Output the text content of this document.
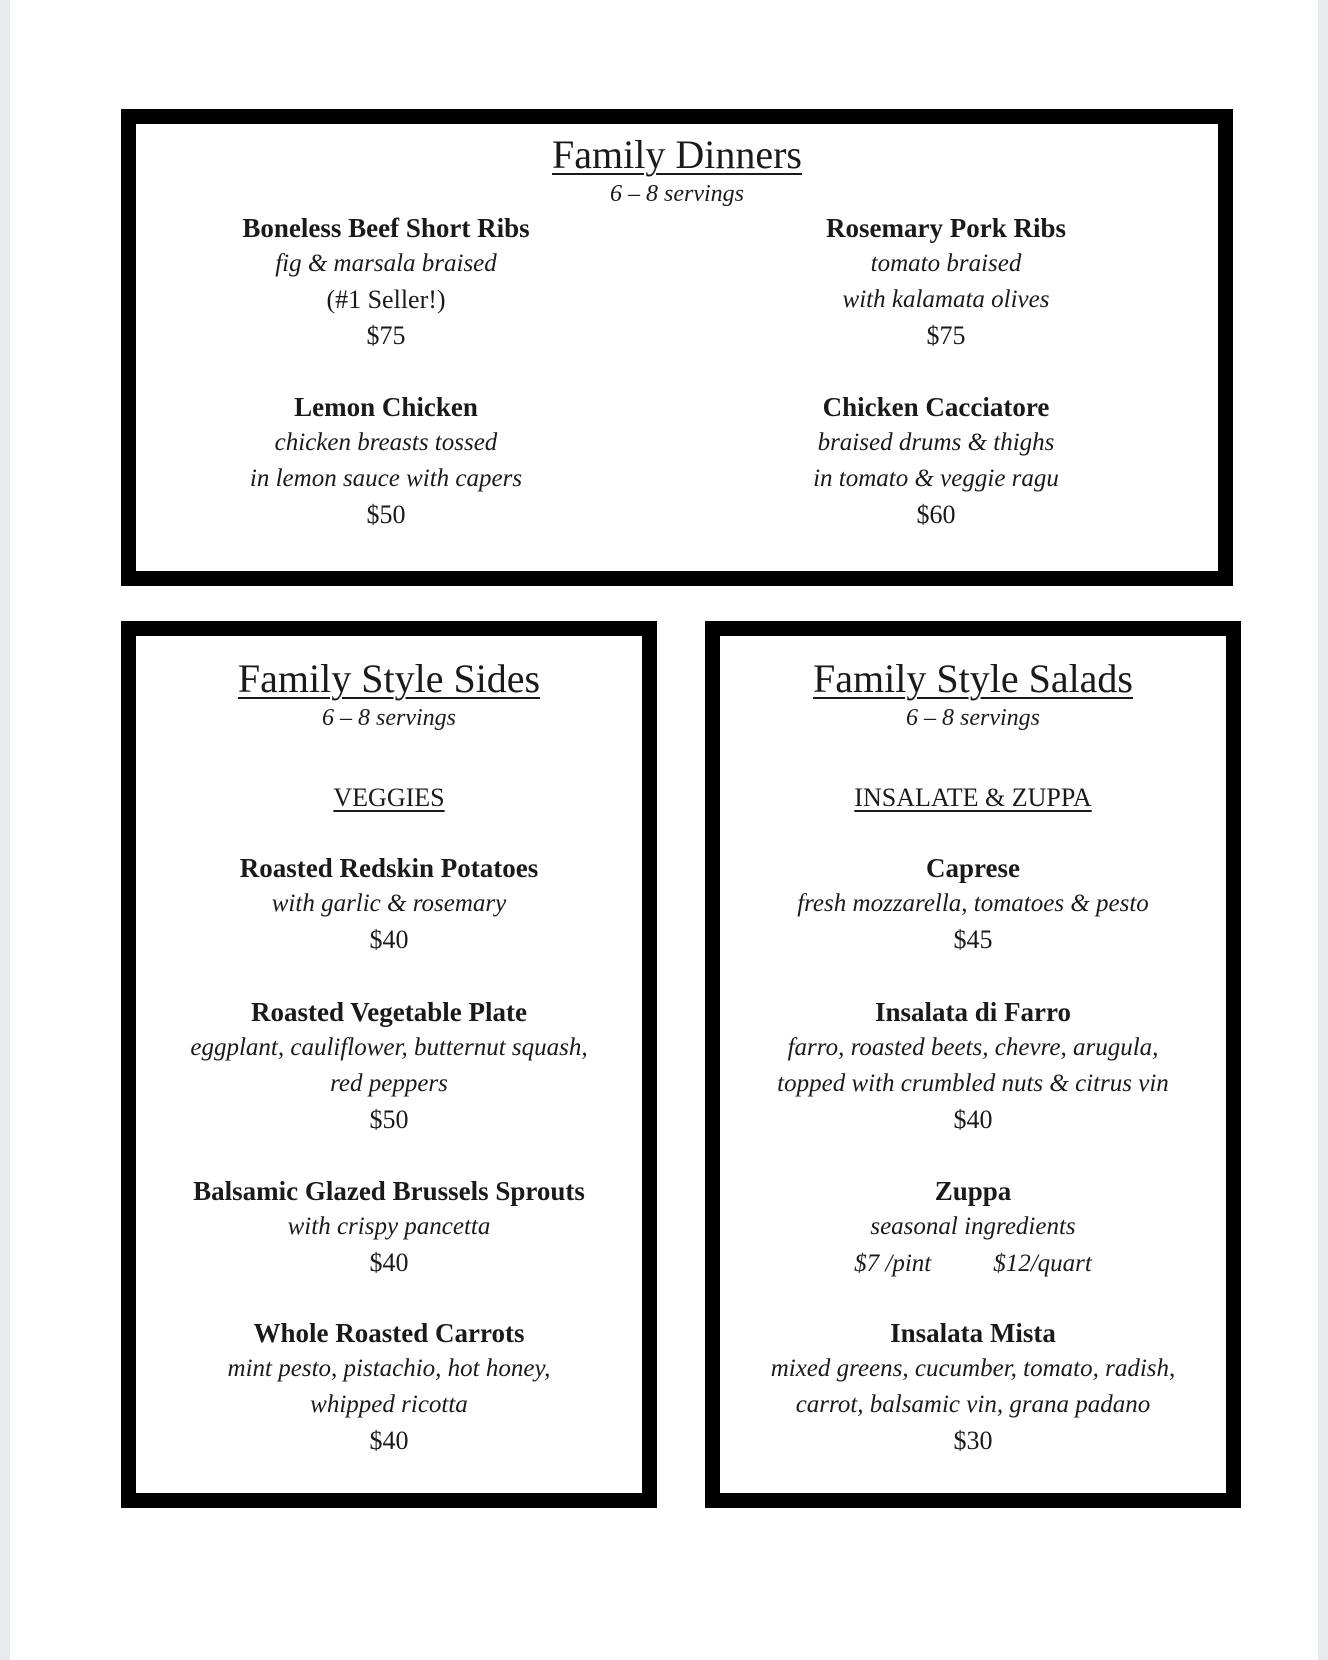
Family Dinners
6 – 8 servings
Boneless Beef Short Ribs
fig & marsala braised
(#1 Seller!)
$75
Rosemary Pork Ribs
tomato braised
with kalamata olives
$75
Lemon Chicken
chicken breasts tossed
in lemon sauce with capers
$50
Chicken Cacciatore
braised drums & thighs
in tomato & veggie ragu
$60
Family Style Sides
6 – 8 servings
VEGGIES
Roasted Redskin Potatoes
with garlic & rosemary
$40
Roasted Vegetable Plate
eggplant, cauliflower, butternut squash,
red peppers
$50
Balsamic Glazed Brussels Sprouts
with crispy pancetta
$40
Whole Roasted Carrots
mint pesto, pistachio, hot honey,
whipped ricotta
$40
Family Style Salads
6 – 8 servings
INSALATE & ZUPPA
Caprese
fresh mozzarella, tomatoes & pesto
$45
Insalata di Farro
farro, roasted beets, chevre, arugula,
topped with crumbled nuts & citrus vin
$40
Zuppa
seasonal ingredients
$7 /pint $12/quart
Insalata Mista
mixed greens, cucumber, tomato, radish,
carrot, balsamic vin, grana padano
$30
